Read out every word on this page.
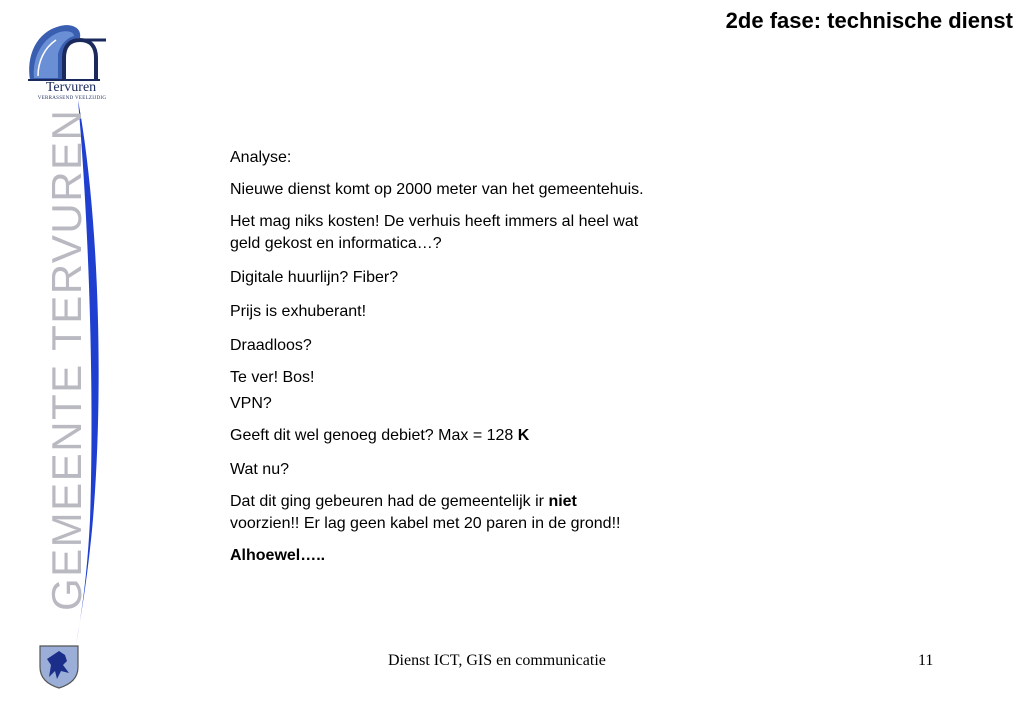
2de fase: technische dienst
Tervuren
VERRASSEND VEELZIJDIG
GEMEENTE TERVUREN	Analyse:

Nieuwe dienst komt op 2000 meter van het gemeentehuis.

Het mag niks kosten! De verhuis heeft immers al heel wat geld gekost en informatica…?

Digitale huurlijn? Fiber?

Prijs is exhuberant!

Draadloos?

Te ver! Bos!

VPN?

Geeft dit wel genoeg debiet? Max = 128 K

Wat nu?

Dat dit ging gebeuren had de gemeentelijk ir niet voorzien!! Er lag geen kabel met 20 paren in de grond!!

Alhoewel…..

Dienst ICT, GIS en communicatie	11
